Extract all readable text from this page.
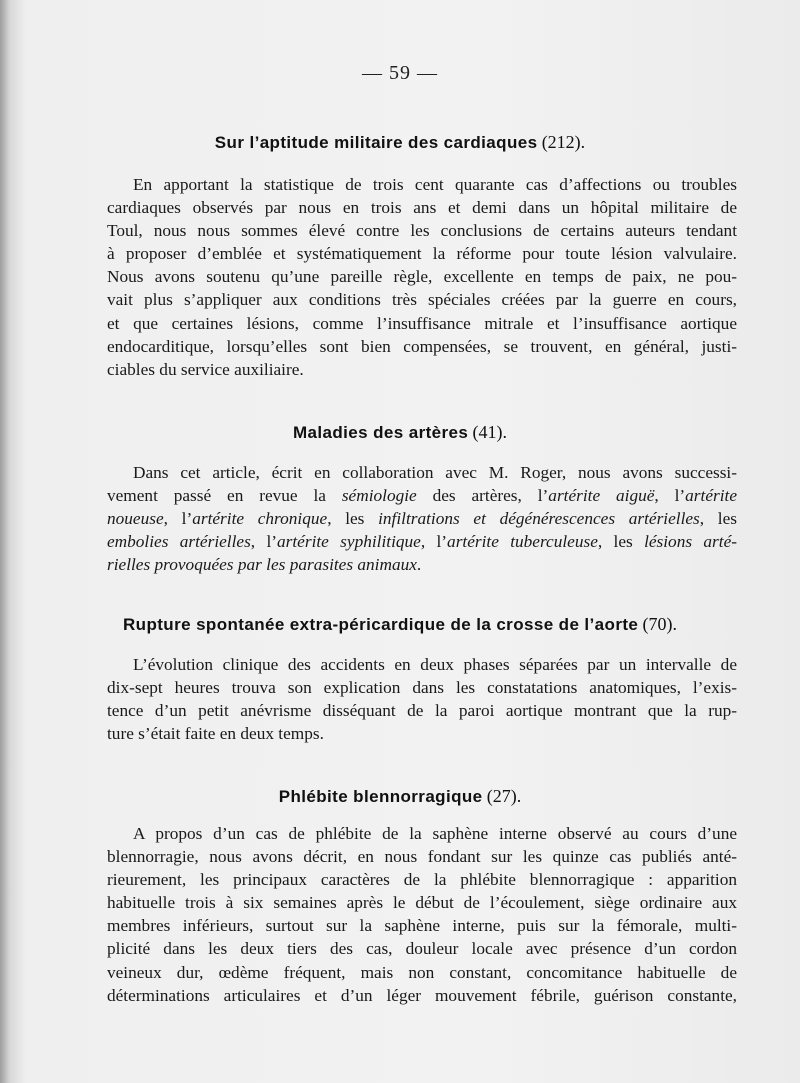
— 59 —
Sur l’aptitude militaire des cardiaques (212).
En apportant la statistique de trois cent quarante cas d’affections ou troubles
cardiaques observés par nous en trois ans et demi dans un hôpital militaire de
Toul, nous nous sommes élevé contre les conclusions de certains auteurs tendant
à proposer d’emblée et systématiquement la réforme pour toute lésion valvulaire.
Nous avons soutenu qu’une pareille règle, excellente en temps de paix, ne pou-
vait plus s’appliquer aux conditions très spéciales créées par la guerre en cours,
et que certaines lésions, comme l’insuffisance mitrale et l’insuffisance aortique
endocarditique, lorsqu’elles sont bien compensées, se trouvent, en général, justi-
ciables du service auxiliaire.
Maladies des artères (41).
Dans cet article, écrit en collaboration avec M. Roger, nous avons successi-
vement passé en revue la sémiologie des artères, l’artérite aiguë, l’artérite
noueuse, l’artérite chronique, les infiltrations et dégénérescences artérielles, les
embolies artérielles, l’artérite syphilitique, l’artérite tuberculeuse, les lésions arté-
rielles provoquées par les parasites animaux.
Rupture spontanée extra-péricardique de la crosse de l’aorte (70).
L’évolution clinique des accidents en deux phases séparées par un intervalle de
dix-sept heures trouva son explication dans les constatations anatomiques, l’exis-
tence d’un petit anévrisme disséquant de la paroi aortique montrant que la rup-
ture s’était faite en deux temps.
Phlébite blennorragique (27).
A propos d’un cas de phlébite de la saphène interne observé au cours d’une
blennorragie, nous avons décrit, en nous fondant sur les quinze cas publiés anté-
rieurement, les principaux caractères de la phlébite blennorragique : apparition
habituelle trois à six semaines après le début de l’écoulement, siège ordinaire aux
membres inférieurs, surtout sur la saphène interne, puis sur la fémorale, multi-
plicité dans les deux tiers des cas, douleur locale avec présence d’un cordon
veineux dur, œdème fréquent, mais non constant, concomitance habituelle de
déterminations articulaires et d’un léger mouvement fébrile, guérison constante,
